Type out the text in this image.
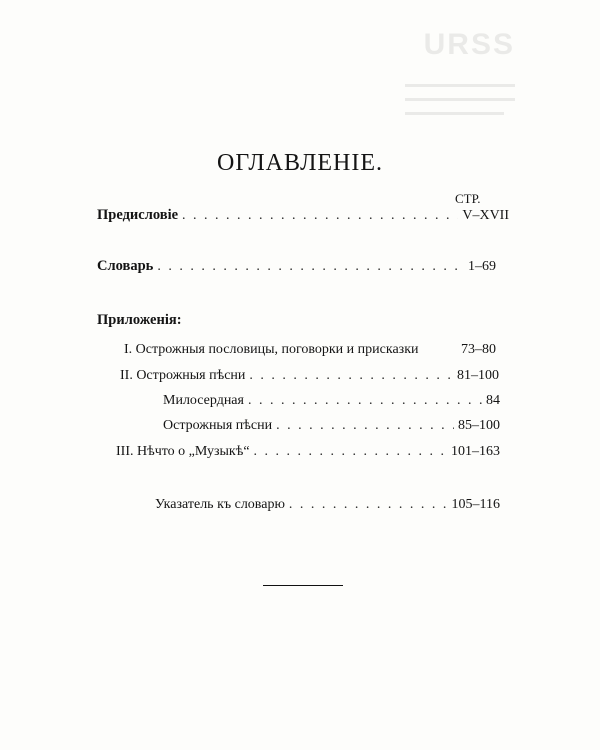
URSS
ОГЛАВЛЕНІЕ.
СТР.
Предисловіе . . .	V–XVII
Словарь . . .	1–69
Приложенія:
I. Острожныя пословицы, поговорки и присказки	73–80
II. Острожныя пѣсни . . .	81–100
Милосердная . . .	84
Острожныя пѣсни . . .	85–100
III. Нѣчто о „Музыкѣ“ . . .	101–163
Указатель къ словарю . . .	105–116
